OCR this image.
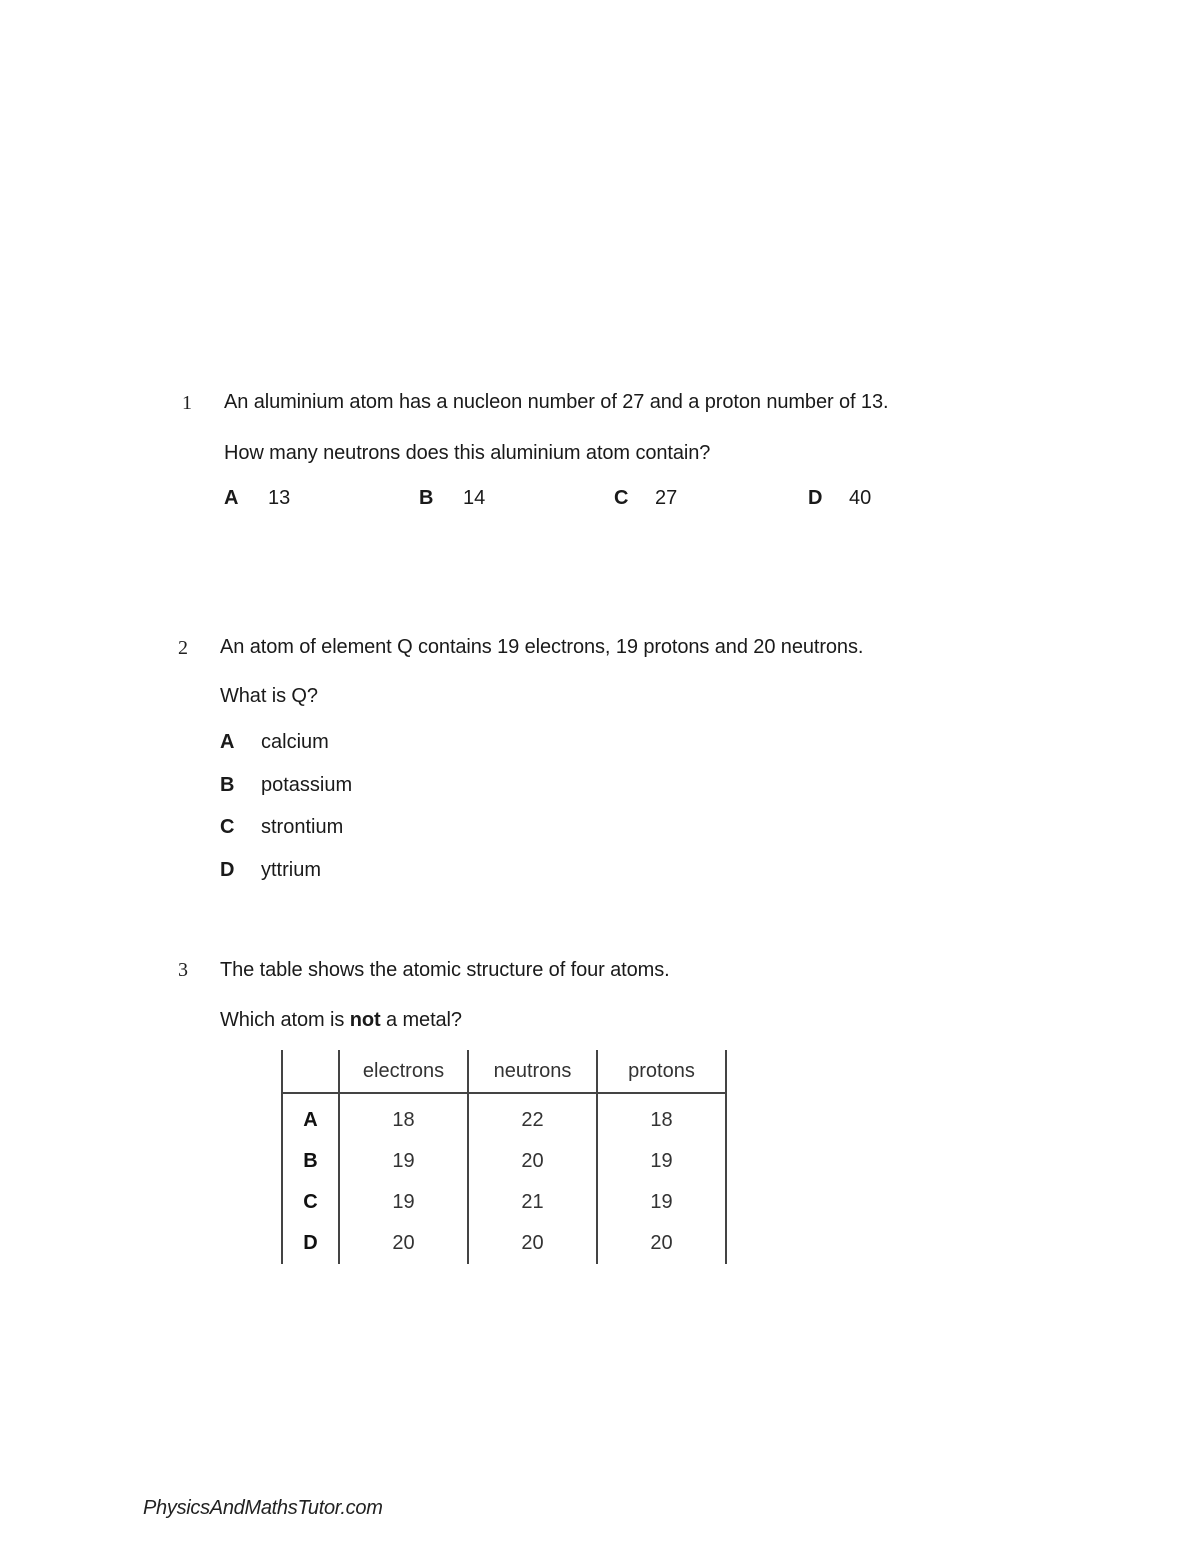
1 An aluminium atom has a nucleon number of 27 and a proton number of 13.
How many neutrons does this aluminium atom contain?
A 13	B 14	C 27	D 40
2 An atom of element Q contains 19 electrons, 19 protons and 20 neutrons.
What is Q?
A calcium
B potassium
C strontium
D yttrium
3 The table shows the atomic structure of four atoms.
Which atom is not a metal?
	electrons	neutrons	protons
A	18	22	18
B	19	20	19
C	19	21	19
D	20	20	20
PhysicsAndMathsTutor.com
